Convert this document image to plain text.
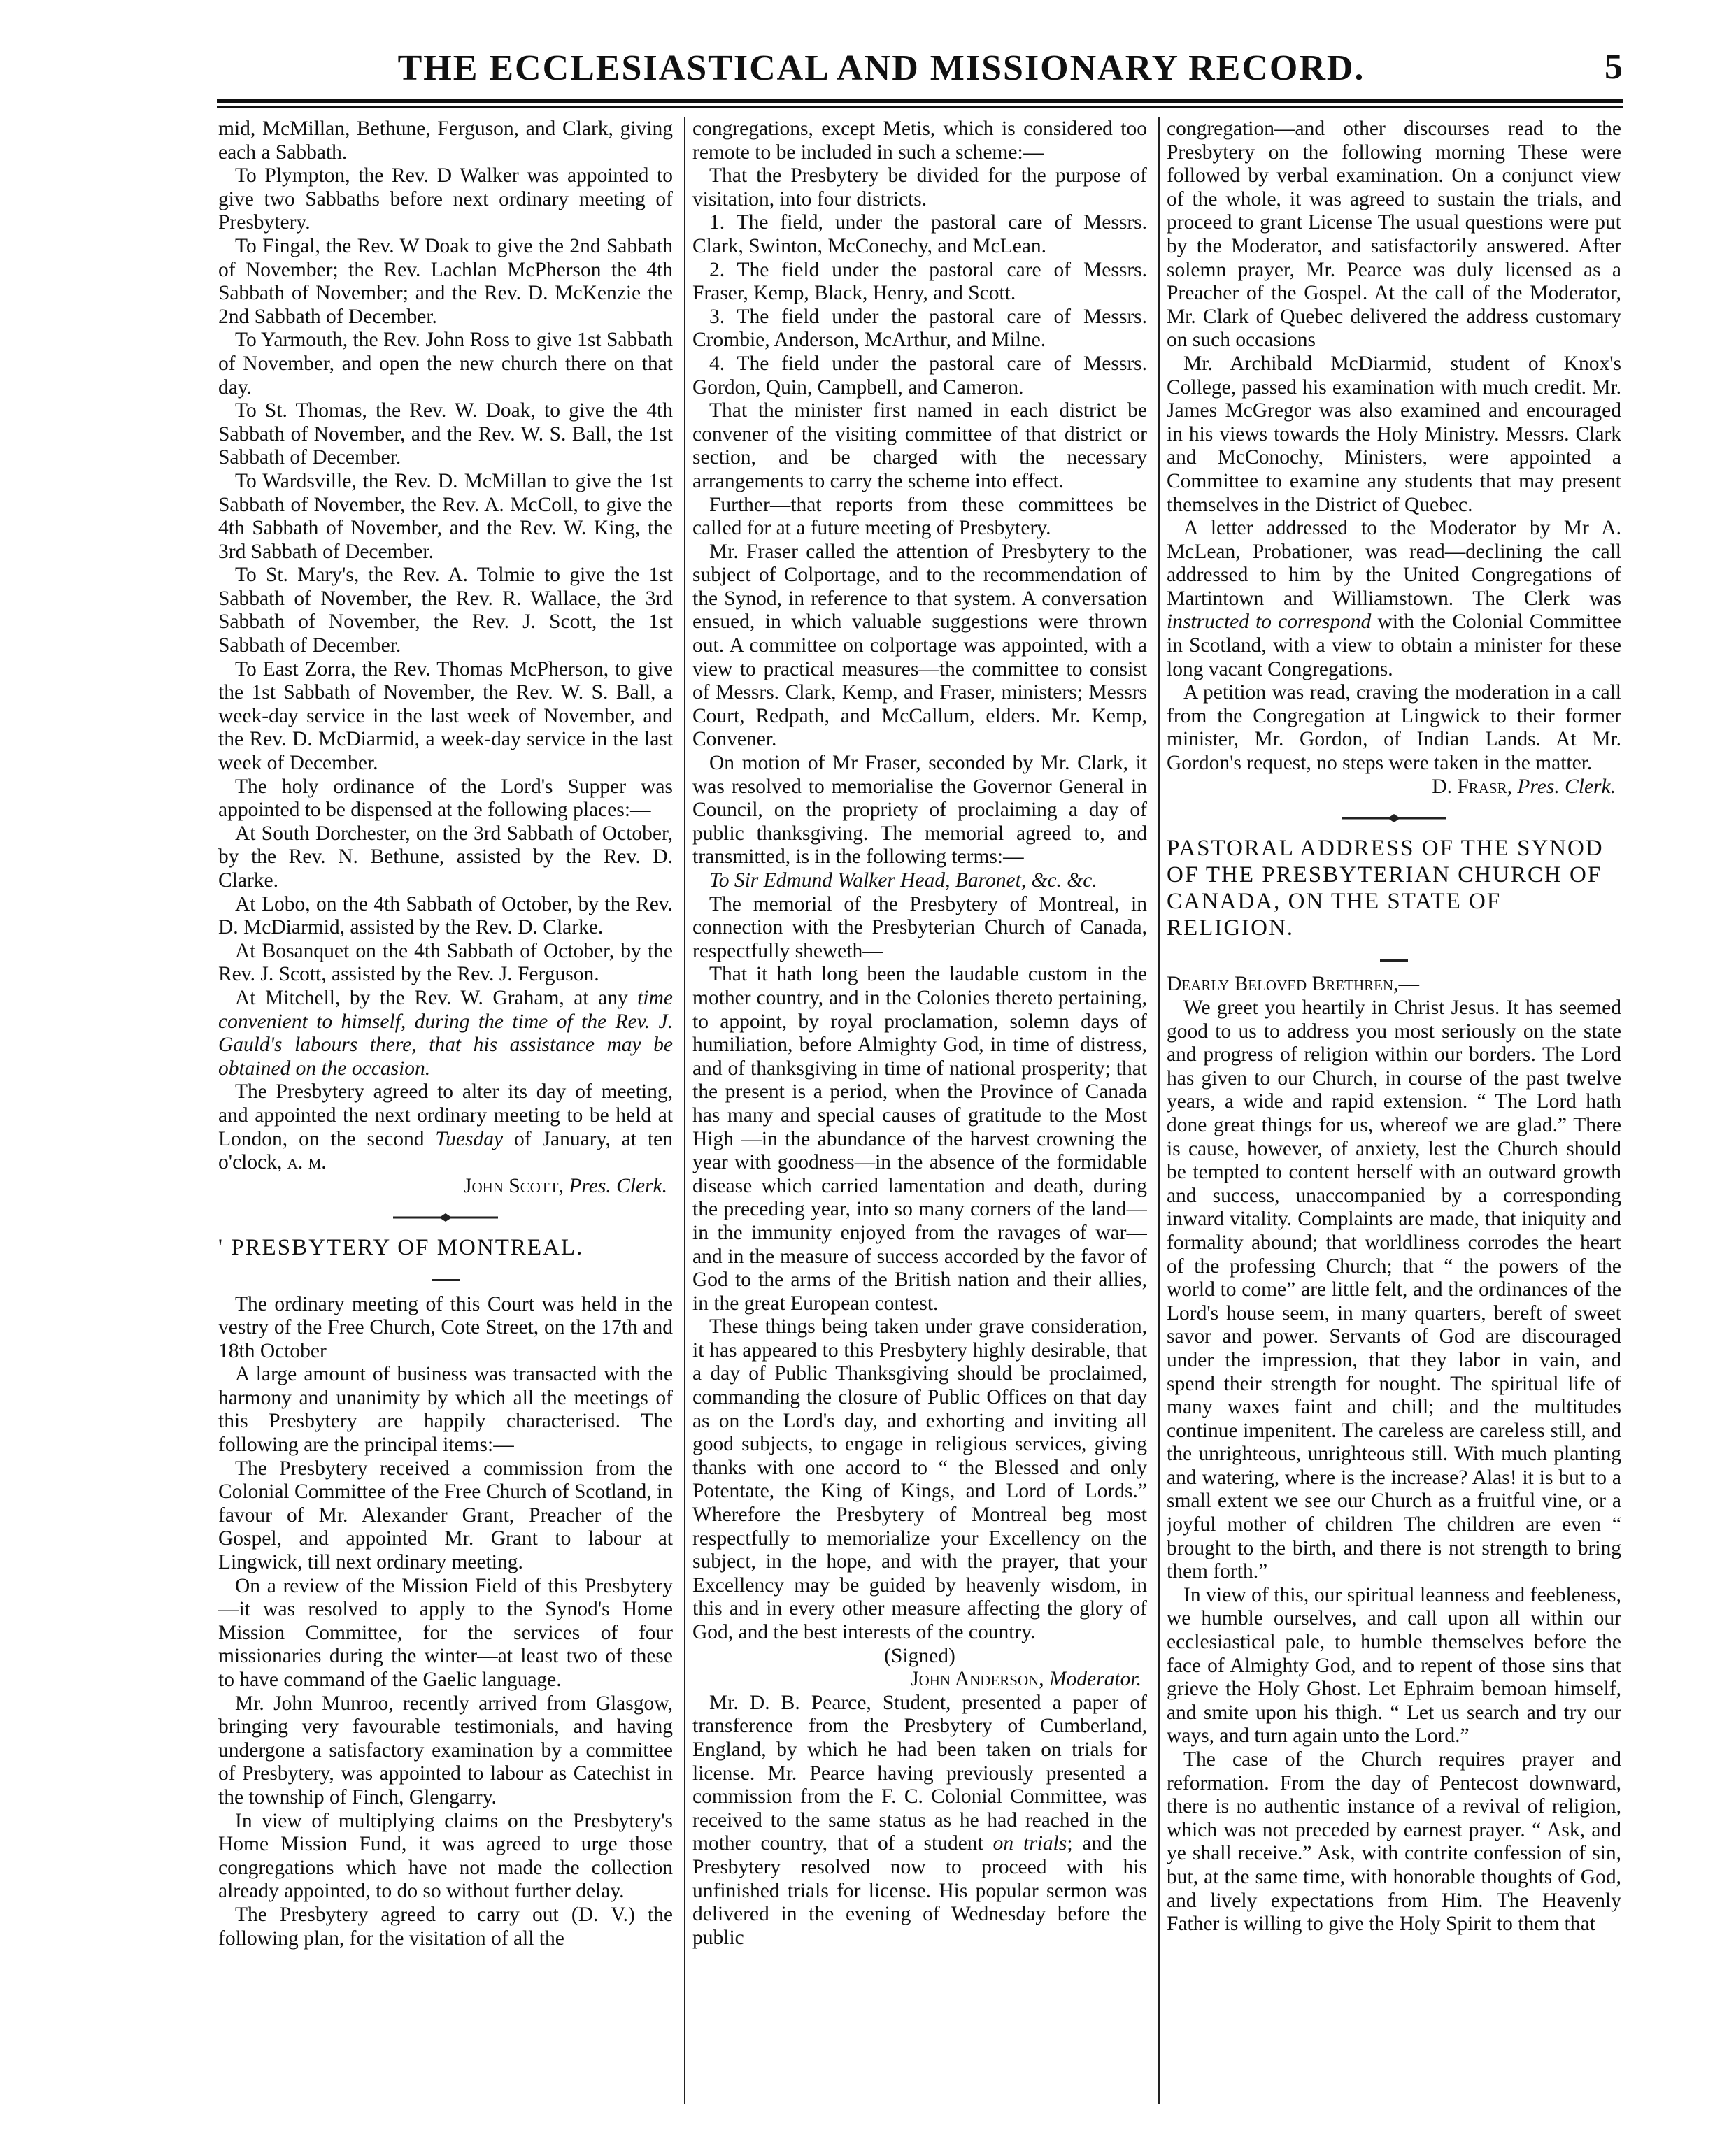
THE ECCLESIASTICAL AND MISSIONARY RECORD.	5

mid, McMillan, Bethune, Ferguson, and Clark, giving each a Sabbath.

To Plympton, the Rev. D Walker was appointed to give two Sabbaths before next ordinary meeting of Presbytery.

To Fingal, the Rev. W Doak to give the 2nd Sabbath of November; the Rev. Lachlan McPherson the 4th Sabbath of November; and the Rev. D. McKenzie the 2nd Sabbath of December.

To Yarmouth, the Rev. John Ross to give 1st Sabbath of November, and open the new church there on that day.

To St. Thomas, the Rev. W. Doak, to give the 4th Sabbath of November, and the Rev. W. S. Ball, the 1st Sabbath of December.

To Wardsville, the Rev. D. McMillan to give the 1st Sabbath of November, the Rev. A. McColl, to give the 4th Sabbath of November, and the Rev. W. King, the 3rd Sabbath of December.

To St. Mary's, the Rev. A. Tolmie to give the 1st Sabbath of November, the Rev. R. Wallace, the 3rd Sabbath of November, the Rev. J. Scott, the 1st Sabbath of December.

To East Zorra, the Rev. Thomas McPherson, to give the 1st Sabbath of November, the Rev. W. S. Ball, a week-day service in the last week of November, and the Rev. D. McDiarmid, a week-day service in the last week of December.

The holy ordinance of the Lord's Supper was appointed to be dispensed at the following places:—

At South Dorchester, on the 3rd Sabbath of October, by the Rev. N. Bethune, assisted by the Rev. D. Clarke.

At Lobo, on the 4th Sabbath of October, by the Rev. D. McDiarmid, assisted by the Rev. D. Clarke.

At Bosanquet on the 4th Sabbath of October, by the Rev. J. Scott, assisted by the Rev. J. Ferguson.

At Mitchell, by the Rev. W. Graham, at any time convenient to himself, during the time of the Rev. J. Gauld's labours there, that his assistance may be obtained on the occasion.

The Presbytery agreed to alter its day of meeting, and appointed the next ordinary meeting to be held at London, on the second Tuesday of January, at ten o'clock, a. m.

John Scott, Pres. Clerk.

' PRESBYTERY OF MONTREAL.

The ordinary meeting of this Court was held in the vestry of the Free Church, Cote Street, on the 17th and 18th October

A large amount of business was transacted with the harmony and unanimity by which all the meetings of this Presbytery are happily characterised. The following are the principal items:—

The Presbytery received a commission from the Colonial Committee of the Free Church of Scotland, in favour of Mr. Alexander Grant, Preacher of the Gospel, and appointed Mr. Grant to labour at Lingwick, till next ordinary meeting.

On a review of the Mission Field of this Presbytery—it was resolved to apply to the Synod's Home Mission Committee, for the services of four missionaries during the winter—at least two of these to have command of the Gaelic language.

Mr. John Munroo, recently arrived from Glasgow, bringing very favourable testimonials, and having undergone a satisfactory examination by a committee of Presbytery, was appointed to labour as Catechist in the township of Finch, Glengarry.

In view of multiplying claims on the Presbytery's Home Mission Fund, it was agreed to urge those congregations which have not made the collection already appointed, to do so without further delay.

The Presbytery agreed to carry out (D. V.) the following plan, for the visitation of all the

congregations, except Metis, which is considered too remote to be included in such a scheme:—

That the Presbytery be divided for the purpose of visitation, into four districts.

1. The field, under the pastoral care of Messrs. Clark, Swinton, McConechy, and McLean.

2. The field under the pastoral care of Messrs. Fraser, Kemp, Black, Henry, and Scott.

3. The field under the pastoral care of Messrs. Crombie, Anderson, McArthur, and Milne.

4. The field under the pastoral care of Messrs. Gordon, Quin, Campbell, and Cameron.

That the minister first named in each district be convener of the visiting committee of that district or section, and be charged with the necessary arrangements to carry the scheme into effect.

Further—that reports from these committees be called for at a future meeting of Presbytery.

Mr. Fraser called the attention of Presbytery to the subject of Colportage, and to the recommendation of the Synod, in reference to that system. A conversation ensued, in which valuable suggestions were thrown out. A committee on colportage was appointed, with a view to practical measures—the committee to consist of Messrs. Clark, Kemp, and Fraser, ministers; Messrs Court, Redpath, and McCallum, elders. Mr. Kemp, Convener.

On motion of Mr Fraser, seconded by Mr. Clark, it was resolved to memorialise the Governor General in Council, on the propriety of proclaiming a day of public thanksgiving. The memorial agreed to, and transmitted, is in the following terms:—

To Sir Edmund Walker Head, Baronet, &c. &c.

The memorial of the Presbytery of Montreal, in connection with the Presbyterian Church of Canada, respectfully sheweth—

That it hath long been the laudable custom in the mother country, and in the Colonies thereto pertaining, to appoint, by royal proclamation, solemn days of humiliation, before Almighty God, in time of distress, and of thanksgiving in time of national prosperity; that the present is a period, when the Province of Canada has many and special causes of gratitude to the Most High —in the abundance of the harvest crowning the year with goodness—in the absence of the formidable disease which carried lamentation and death, during the preceding year, into so many corners of the land—in the immunity enjoyed from the ravages of war—and in the measure of success accorded by the favor of God to the arms of the British nation and their allies, in the great European contest.

These things being taken under grave consideration, it has appeared to this Presbytery highly desirable, that a day of Public Thanksgiving should be proclaimed, commanding the closure of Public Offices on that day as on the Lord's day, and exhorting and inviting all good subjects, to engage in religious services, giving thanks with one accord to “ the Blessed and only Potentate, the King of Kings, and Lord of Lords.” Wherefore the Presbytery of Montreal beg most respectfully to memorialize your Excellency on the subject, in the hope, and with the prayer, that your Excellency may be guided by heavenly wisdom, in this and in every other measure affecting the glory of God, and the best interests of the country.

(Signed)

John Anderson, Moderator.

Mr. D. B. Pearce, Student, presented a paper of transference from the Presbytery of Cumberland, England, by which he had been taken on trials for license. Mr. Pearce having previously presented a commission from the F. C. Colonial Committee, was received to the same status as he had reached in the mother country, that of a student on trials; and the Presbytery resolved now to proceed with his unfinished trials for license. His popular sermon was delivered in the evening of Wednesday before the public

congregation—and other discourses read to the Presbytery on the following morning These were followed by verbal examination. On a conjunct view of the whole, it was agreed to sustain the trials, and proceed to grant License The usual questions were put by the Moderator, and satisfactorily answered. After solemn prayer, Mr. Pearce was duly licensed as a Preacher of the Gospel. At the call of the Moderator, Mr. Clark of Quebec delivered the address customary on such occasions

Mr. Archibald McDiarmid, student of Knox's College, passed his examination with much credit. Mr. James McGregor was also examined and encouraged in his views towards the Holy Ministry. Messrs. Clark and McConochy, Ministers, were appointed a Committee to examine any students that may present themselves in the District of Quebec.

A letter addressed to the Moderator by Mr A. McLean, Probationer, was read—declining the call addressed to him by the United Congregations of Martintown and Williamstown. The Clerk was instructed to correspond with the Colonial Committee in Scotland, with a view to obtain a minister for these long vacant Congregations.

A petition was read, craving the moderation in a call from the Congregation at Lingwick to their former minister, Mr. Gordon, of Indian Lands. At Mr. Gordon's request, no steps were taken in the matter.

D. Frasr, Pres. Clerk.

PASTORAL ADDRESS OF THE SYNOD OF THE PRESBYTERIAN CHURCH OF CANADA, ON THE STATE OF RELIGION.

Dearly Beloved Brethren,—

We greet you heartily in Christ Jesus. It has seemed good to us to address you most seriously on the state and progress of religion within our borders. The Lord has given to our Church, in course of the past twelve years, a wide and rapid extension. “ The Lord hath done great things for us, whereof we are glad.” There is cause, however, of anxiety, lest the Church should be tempted to content herself with an outward growth and success, unaccompanied by a corresponding inward vitality. Complaints are made, that iniquity and formality abound; that worldliness corrodes the heart of the professing Church; that “ the powers of the world to come” are little felt, and the ordinances of the Lord's house seem, in many quarters, bereft of sweet savor and power. Servants of God are discouraged under the impression, that they labor in vain, and spend their strength for nought. The spiritual life of many waxes faint and chill; and the multitudes continue impenitent. The careless are careless still, and the unrighteous, unrighteous still. With much planting and watering, where is the increase? Alas! it is but to a small extent we see our Church as a fruitful vine, or a joyful mother of children The children are even “ brought to the birth, and there is not strength to bring them forth.”

In view of this, our spiritual leanness and feebleness, we humble ourselves, and call upon all within our ecclesiastical pale, to humble themselves before the face of Almighty God, and to repent of those sins that grieve the Holy Ghost. Let Ephraim bemoan himself, and smite upon his thigh. “ Let us search and try our ways, and turn again unto the Lord.”

The case of the Church requires prayer and reformation. From the day of Pentecost downward, there is no authentic instance of a revival of religion, which was not preceded by earnest prayer. “ Ask, and ye shall receive.” Ask, with contrite confession of sin, but, at the same time, with honorable thoughts of God, and lively expectations from Him. The Heavenly Father is willing to give the Holy Spirit to them that
